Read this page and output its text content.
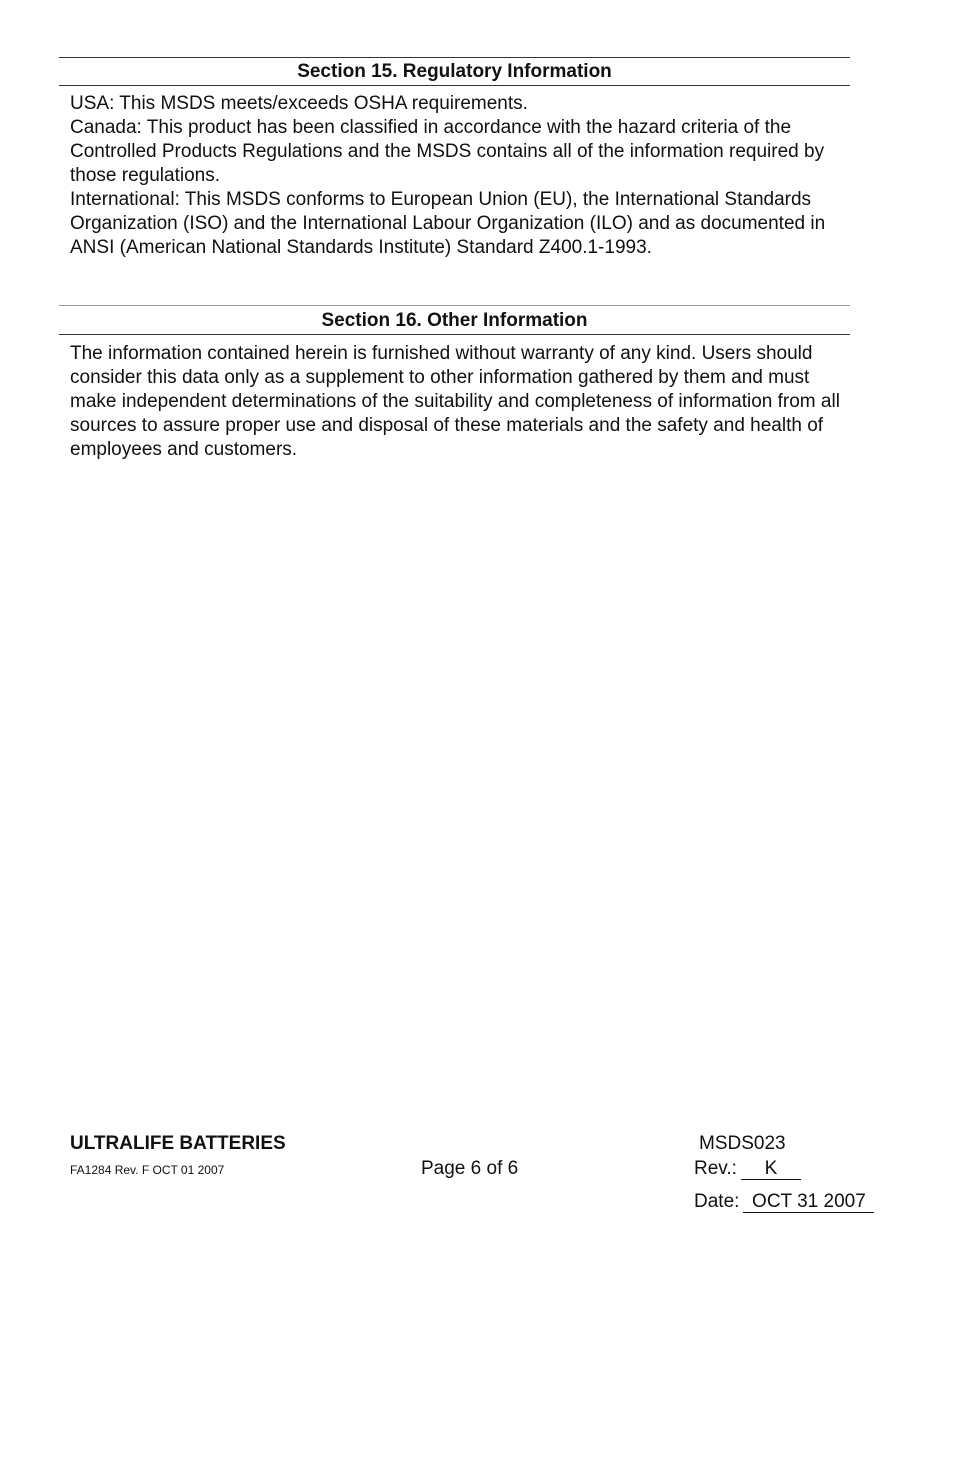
Section 15. Regulatory Information

USA: This MSDS meets/exceeds OSHA requirements.

Canada: This product has been classified in accordance with the hazard criteria of the Controlled Products Regulations and the MSDS contains all of the information required by those regulations.

International: This MSDS conforms to European Union (EU), the International Standards Organization (ISO) and the International Labour Organization (ILO) and as documented in ANSI (American National Standards Institute) Standard Z400.1-1993.

Section 16. Other Information

The information contained herein is furnished without warranty of any kind. Users should consider this data only as a supplement to other information gathered by them and must make independent determinations of the suitability and completeness of information from all sources to assure proper use and disposal of these materials and the safety and health of employees and customers.

ULTRALIFE BATTERIES
FA1284 Rev. F OCT 01 2007	Page 6 of 6
MSDS023
Rev.: K
Date: OCT 31 2007
